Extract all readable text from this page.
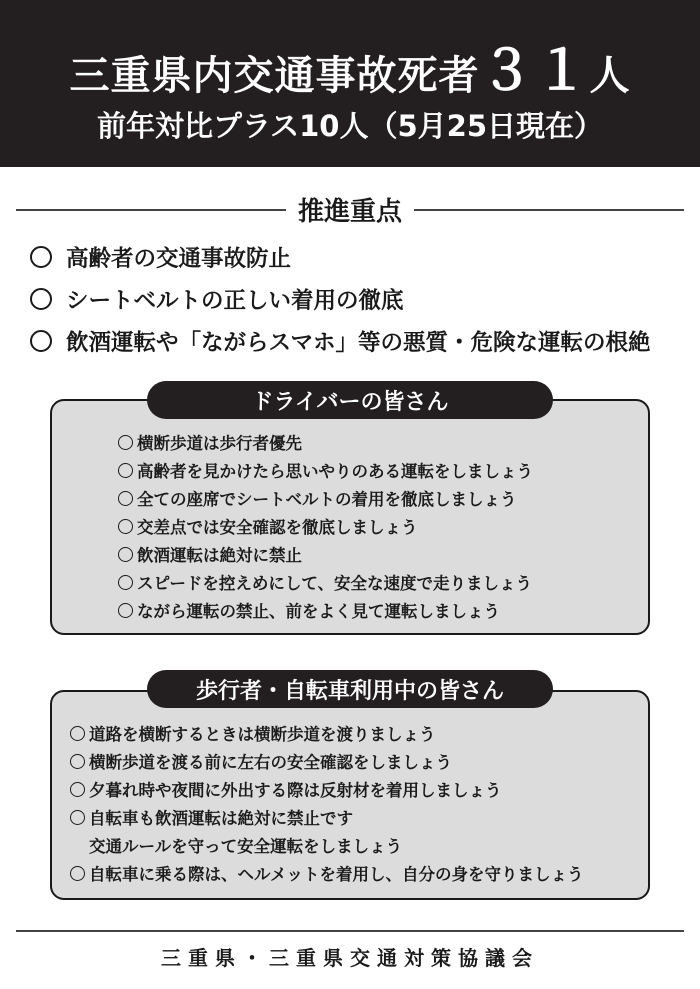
三重県内交通事故死者３１人
前年対比プラス10人（5月25日現在）
推進重点
高齢者の交通事故防止
シートベルトの正しい着用の徹底
飲酒運転や「ながらスマホ」等の悪質・危険な運転の根絶
横断歩道は歩行者優先
高齢者を見かけたら思いやりのある運転をしましょう
全ての座席でシートベルトの着用を徹底しましょう
交差点では安全確認を徹底しましょう
飲酒運転は絶対に禁止
スピードを控えめにして、安全な速度で走りましょう
ながら運転の禁止、前をよく見て運転しましょう
ドライバーの皆さん
道路を横断するときは横断歩道を渡りましょう
横断歩道を渡る前に左右の安全確認をしましょう
夕暮れ時や夜間に外出する際は反射材を着用しましょう
自転車も飲酒運転は絶対に禁止です
交通ルールを守って安全運転をしましょう
自転車に乗る際は、ヘルメットを着用し、自分の身を守りましょう
歩行者・自転車利用中の皆さん
三重県・三重県交通対策協議会
